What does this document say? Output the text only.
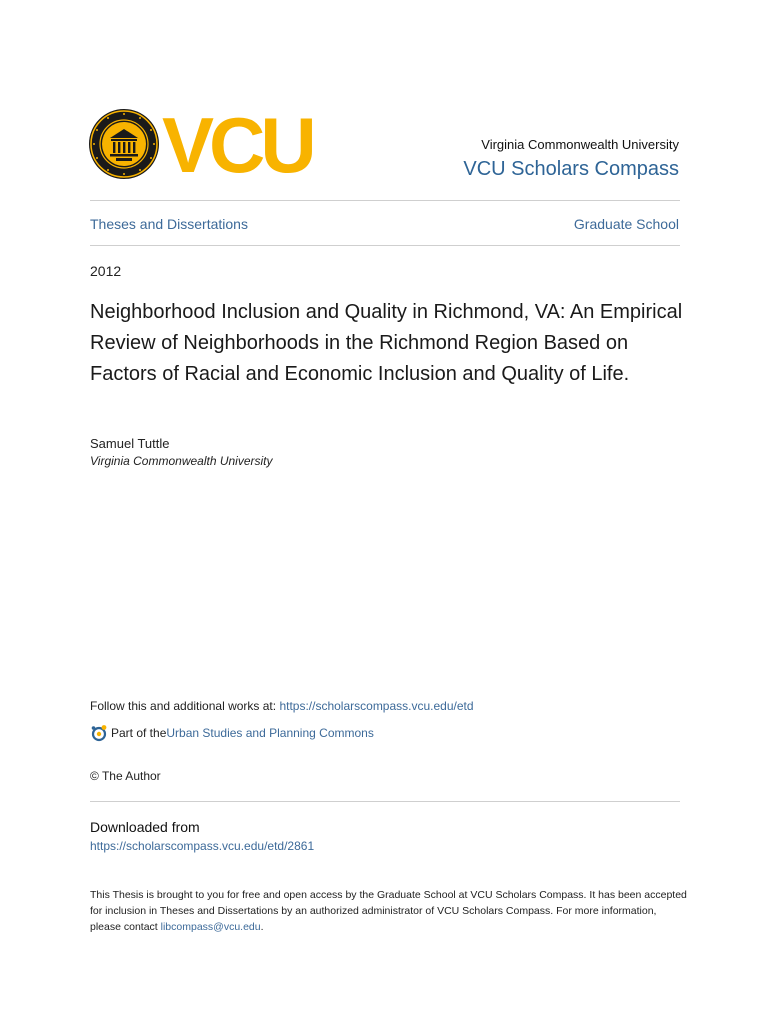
VCU	Virginia Commonwealth University
VCU Scholars Compass
Theses and Dissertations	Graduate School
2012
Neighborhood Inclusion and Quality in Richmond, VA: An Empirical Review of Neighborhoods in the Richmond Region Based on Factors of Racial and Economic Inclusion and Quality of Life.
Samuel Tuttle
Virginia Commonwealth University
Follow this and additional works at: https://scholarscompass.vcu.edu/etd
Part of the Urban Studies and Planning Commons
© The Author
Downloaded from
https://scholarscompass.vcu.edu/etd/2861
This Thesis is brought to you for free and open access by the Graduate School at VCU Scholars Compass. It has been accepted for inclusion in Theses and Dissertations by an authorized administrator of VCU Scholars Compass. For more information, please contact libcompass@vcu.edu.
